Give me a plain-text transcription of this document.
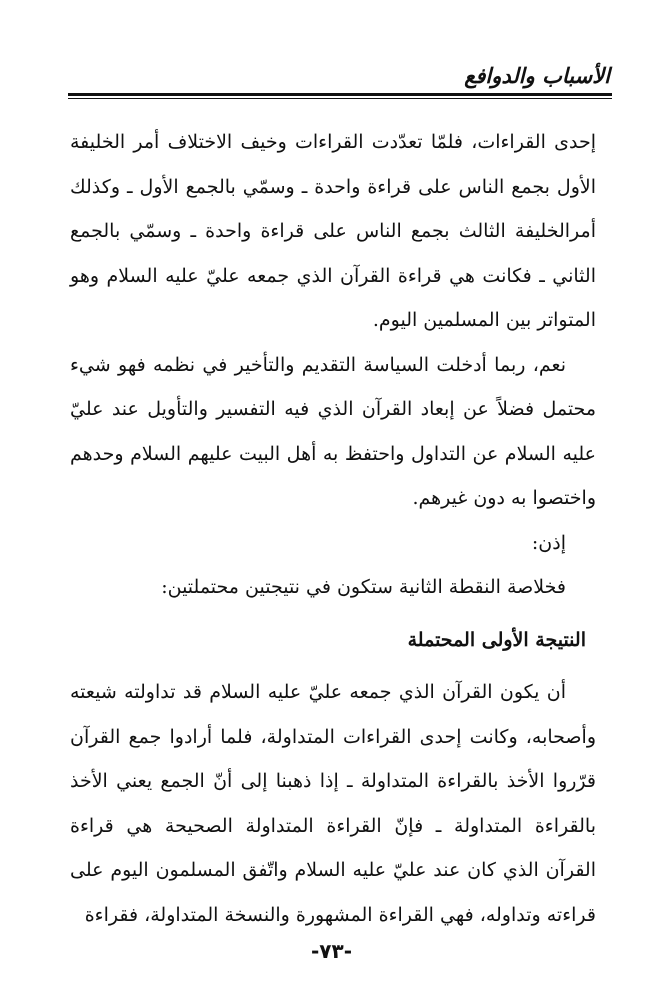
الأسباب والدوافع

إحدى القراءات، فلمّا تعدّدت القراءات وخيف الاختلاف أمر الخليفة الأول بجمع الناس على قراءة واحدة ـ وسمّي بالجمع الأول ـ وكذلك أمرالخليفة الثالث بجمع الناس على قراءة واحدة ـ وسمّي بالجمع الثاني ـ فكانت هي قراءة القرآن الذي جمعه عليّ عليه السلام وهو المتواتر بين المسلمين اليوم.

نعم، ربما أدخلت السياسة التقديم والتأخير في نظمه فهو شيء محتمل فضلاً عن إبعاد القرآن الذي فيه التفسير والتأويل عند عليّ عليه السلام عن التداول واحتفظ به أهل البيت عليهم السلام وحدهم واختصوا به دون غيرهم.

إذن:

فخلاصة النقطة الثانية ستكون في نتيجتين محتملتين:

النتيجة الأولى المحتملة

أن يكون القرآن الذي جمعه عليّ عليه السلام قد تداولته شيعته وأصحابه، وكانت إحدى القراءات المتداولة، فلما أرادوا جمع القرآن قرّروا الأخذ بالقراءة المتداولة ـ إذا ذهبنا إلى أنّ الجمع يعني الأخذ بالقراءة المتداولة ـ فإنّ القراءة المتداولة الصحيحة هي قراءة القرآن الذي كان عند عليّ عليه السلام واتّفق المسلمون اليوم على قراءته وتداوله، فهي القراءة المشهورة والنسخة المتداولة، فقراءة

-٧٣-
